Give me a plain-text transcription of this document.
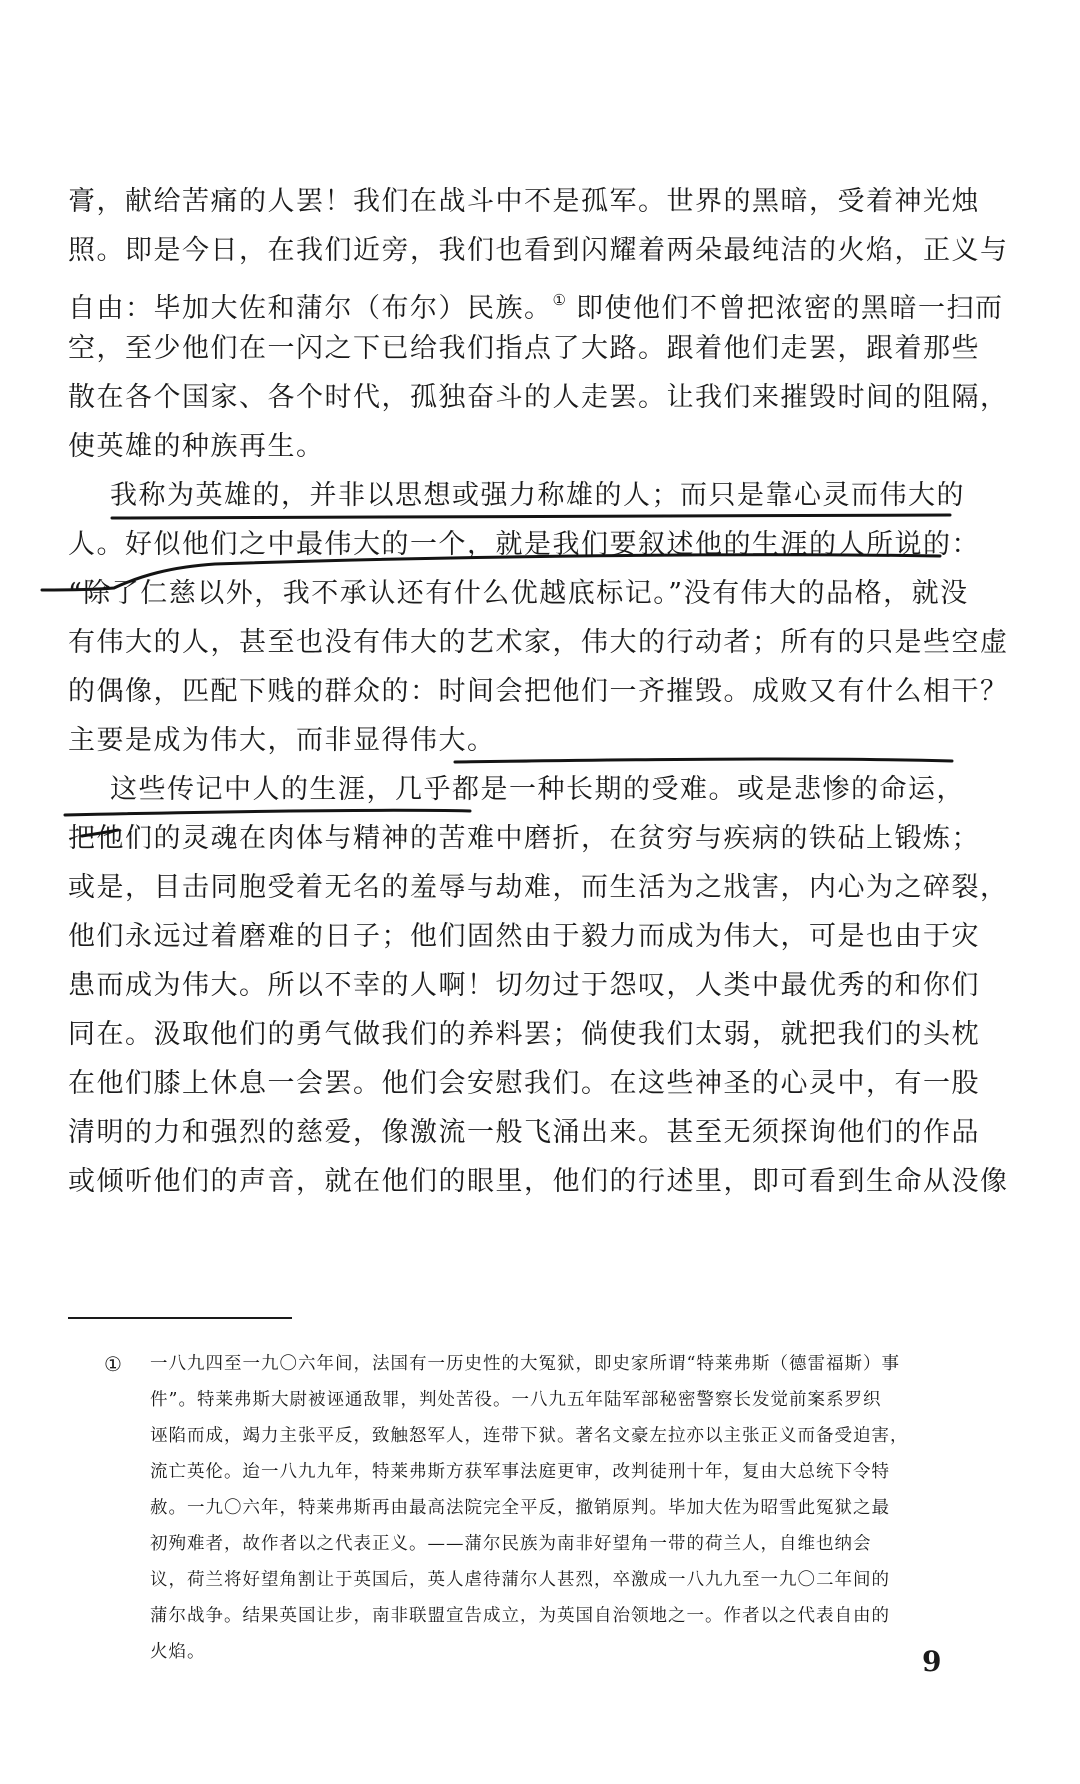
膏，献给苦痛的人罢！我们在战斗中不是孤军。世界的黑暗，受着神光烛
照。即是今日，在我们近旁，我们也看到闪耀着两朵最纯洁的火焰，正义与
自由：毕加大佐和蒲尔（布尔）民族。① 即使他们不曾把浓密的黑暗一扫而
空，至少他们在一闪之下已给我们指点了大路。跟着他们走罢，跟着那些
散在各个国家、各个时代，孤独奋斗的人走罢。让我们来摧毁时间的阻隔，
使英雄的种族再生。
我称为英雄的，并非以思想或强力称雄的人；而只是靠心灵而伟大的
人。好似他们之中最伟大的一个，就是我们要叙述他的生涯的人所说的：
“除了仁慈以外，我不承认还有什么优越底标记。”没有伟大的品格，就没
有伟大的人，甚至也没有伟大的艺术家，伟大的行动者；所有的只是些空虚
的偶像，匹配下贱的群众的：时间会把他们一齐摧毁。成败又有什么相干？
主要是成为伟大，而非显得伟大。
这些传记中人的生涯，几乎都是一种长期的受难。或是悲惨的命运，
把他们的灵魂在肉体与精神的苦难中磨折，在贫穷与疾病的铁砧上锻炼；
或是，目击同胞受着无名的羞辱与劫难，而生活为之戕害，内心为之碎裂，
他们永远过着磨难的日子；他们固然由于毅力而成为伟大，可是也由于灾
患而成为伟大。所以不幸的人啊！切勿过于怨叹，人类中最优秀的和你们
同在。汲取他们的勇气做我们的养料罢；倘使我们太弱，就把我们的头枕
在他们膝上休息一会罢。他们会安慰我们。在这些神圣的心灵中，有一股
清明的力和强烈的慈爱，像激流一般飞涌出来。甚至无须探询他们的作品
或倾听他们的声音，就在他们的眼里，他们的行述里，即可看到生命从没像
① 一八九四至一九〇六年间，法国有一历史性的大冤狱，即史家所谓“特莱弗斯（德雷福斯）事
件”。特莱弗斯大尉被诬通敌罪，判处苦役。一八九五年陆军部秘密警察长发觉前案系罗织
诬陷而成，竭力主张平反，致触怒军人，连带下狱。著名文豪左拉亦以主张正义而备受迫害，
流亡英伦。迨一八九九年，特莱弗斯方获军事法庭更审，改判徒刑十年，复由大总统下令特
赦。一九〇六年，特莱弗斯再由最高法院完全平反，撤销原判。毕加大佐为昭雪此冤狱之最
初殉难者，故作者以之代表正义。——蒲尔民族为南非好望角一带的荷兰人，自维也纳会
议，荷兰将好望角割让于英国后，英人虐待蒲尔人甚烈，卒激成一八九九至一九〇二年间的
蒲尔战争。结果英国让步，南非联盟宣告成立，为英国自治领地之一。作者以之代表自由的
火焰。	9
